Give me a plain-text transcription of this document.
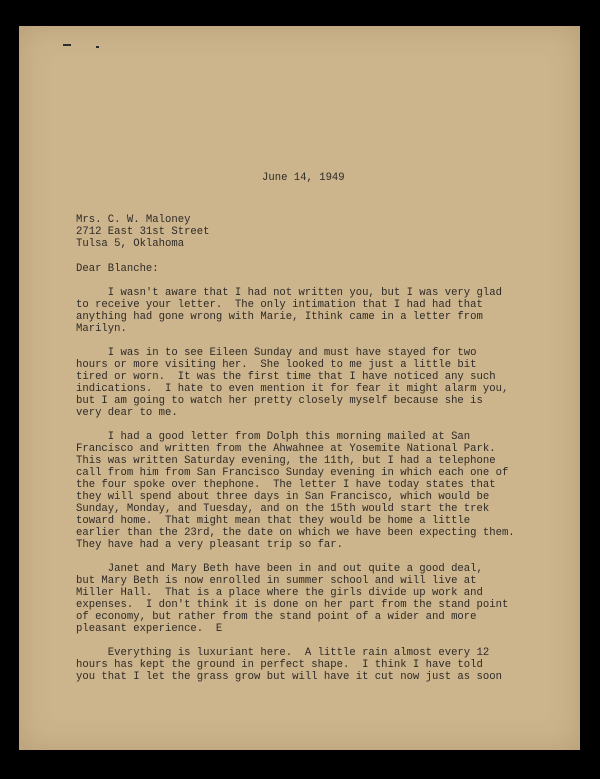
June 14, 1949
Mrs. C. W. Maloney
2712 East 31st Street
Tulsa 5, Oklahoma
Dear Blanche:
I wasn't aware that I had not written you, but I was very glad
to receive your letter.  The only intimation that I had had that
anything had gone wrong with Marie, Ithink came in a letter from
Marilyn.
I was in to see Eileen Sunday and must have stayed for two
hours or more visiting her.  She looked to me just a little bit
tired or worn.  It was the first time that I have noticed any such
indications.  I hate to even mention it for fear it might alarm you,
but I am going to watch her pretty closely myself because she is
very dear to me.
I had a good letter from Dolph this morning mailed at San
Francisco and written from the Ahwahnee at Yosemite National Park.
This was written Saturday evening, the 11th, but I had a telephone
call from him from San Francisco Sunday evening in which each one of
the four spoke over thephone.  The letter I have today states that
they will spend about three days in San Francisco, which would be
Sunday, Monday, and Tuesday, and on the 15th would start the trek
toward home.  That might mean that they would be home a little
earlier than the 23rd, the date on which we have been expecting them.
They have had a very pleasant trip so far.
Janet and Mary Beth have been in and out quite a good deal,
but Mary Beth is now enrolled in summer school and will live at
Miller Hall.  That is a place where the girls divide up work and
expenses.  I don't think it is done on her part from the stand point
of economy, but rather from the stand point of a wider and more
pleasant experience.  E
Everything is luxuriant here.  A little rain almost every 12
hours has kept the ground in perfect shape.  I think I have told
you that I let the grass grow but will have it cut now just as soon
